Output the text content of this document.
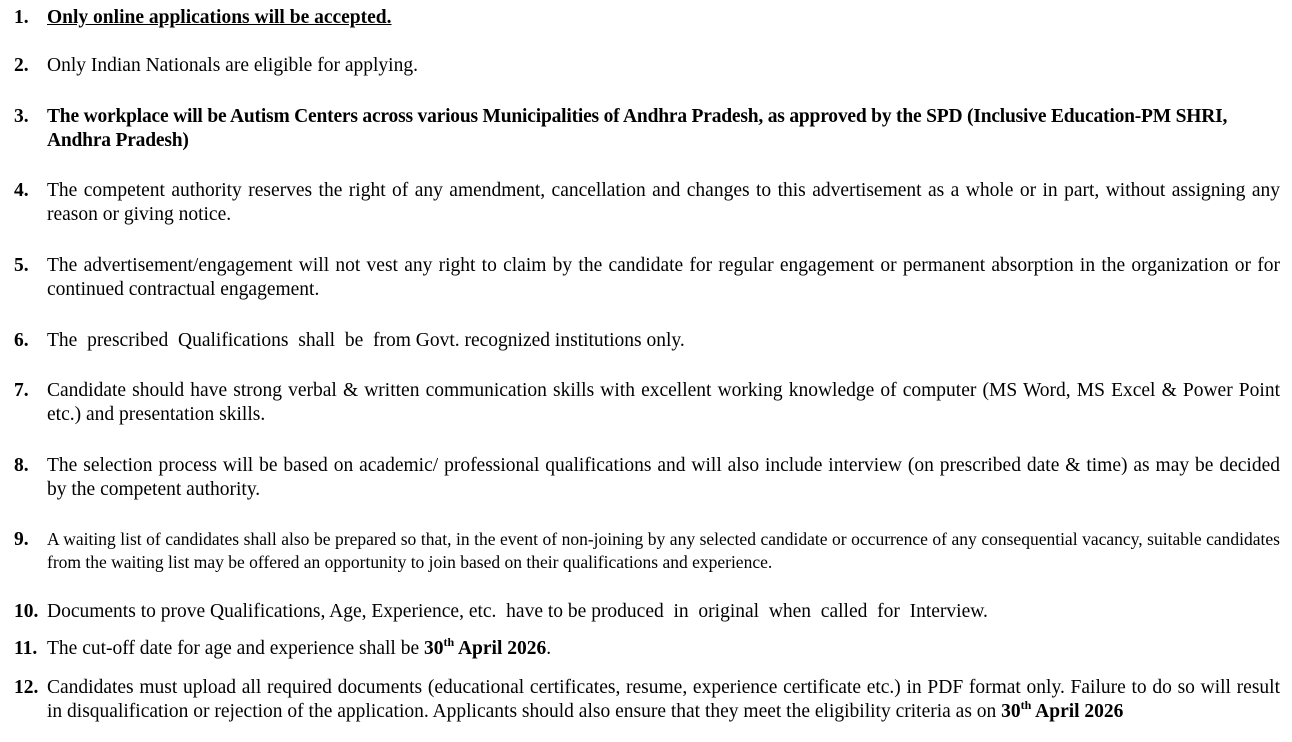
1. Only online applications will be accepted.
2. Only Indian Nationals are eligible for applying.
3. The workplace will be Autism Centers across various Municipalities of Andhra Pradesh, as approved by the SPD (Inclusive Education-PM SHRI, Andhra Pradesh)
4. The competent authority reserves the right of any amendment, cancellation and changes to this advertisement as a whole or in part, without assigning any reason or giving notice.
5. The advertisement/engagement will not vest any right to claim by the candidate for regular engagement or permanent absorption in the organization or for continued contractual engagement.
6. The  prescribed  Qualifications  shall  be  from Govt. recognized institutions only.
7. Candidate should have strong verbal & written communication skills with excellent working knowledge of computer (MS Word, MS Excel & Power Point etc.) and presentation skills.
8. The selection process will be based on academic/ professional qualifications and will also include interview (on prescribed date & time) as may be decided by the competent authority.
9. A waiting list of candidates shall also be prepared so that, in the event of non-joining by any selected candidate or occurrence of any consequential vacancy, suitable candidates from the waiting list may be offered an opportunity to join based on their qualifications and experience.
10. Documents to prove Qualifications, Age, Experience, etc.  have to be produced  in  original  when  called  for  Interview.
11. The cut-off date for age and experience shall be 30th April 2026.
12. Candidates must upload all required documents (educational certificates, resume, experience certificate etc.) in PDF format only. Failure to do so will result in disqualification or rejection of the application. Applicants should also ensure that they meet the eligibility criteria as on 30th April 2026
